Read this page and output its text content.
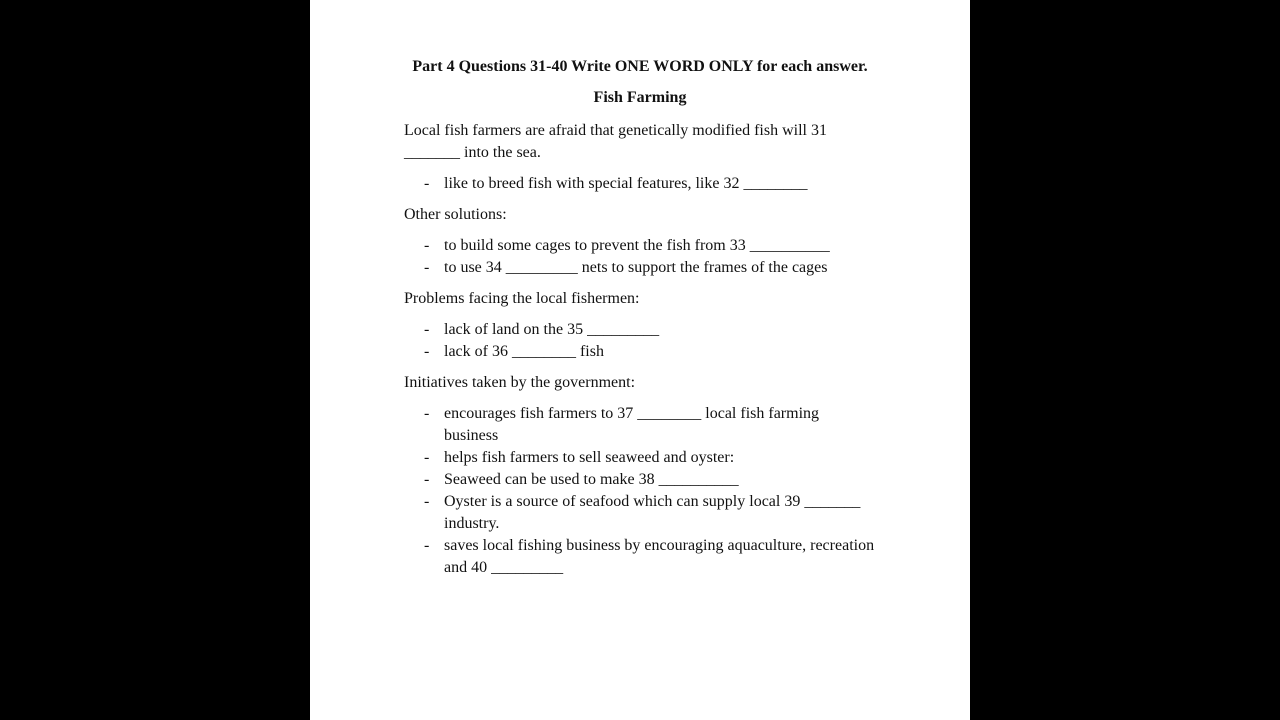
Part 4 Questions 31-40 Write ONE WORD ONLY for each answer.
Fish Farming
Local fish farmers are afraid that genetically modified fish will 31
_______ into the sea.
- like to breed fish with special features, like 32 ________
Other solutions:
- to build some cages to prevent the fish from 33 __________
- to use 34 _________ nets to support the frames of the cages
Problems facing the local fishermen:
- lack of land on the 35 _________
- lack of 36 ________ fish
Initiatives taken by the government:
- encourages fish farmers to 37 ________ local fish farming
business
- helps fish farmers to sell seaweed and oyster:
- Seaweed can be used to make 38 __________
- Oyster is a source of seafood which can supply local 39 _______
industry.
- saves local fishing business by encouraging aquaculture, recreation
and 40 _________
